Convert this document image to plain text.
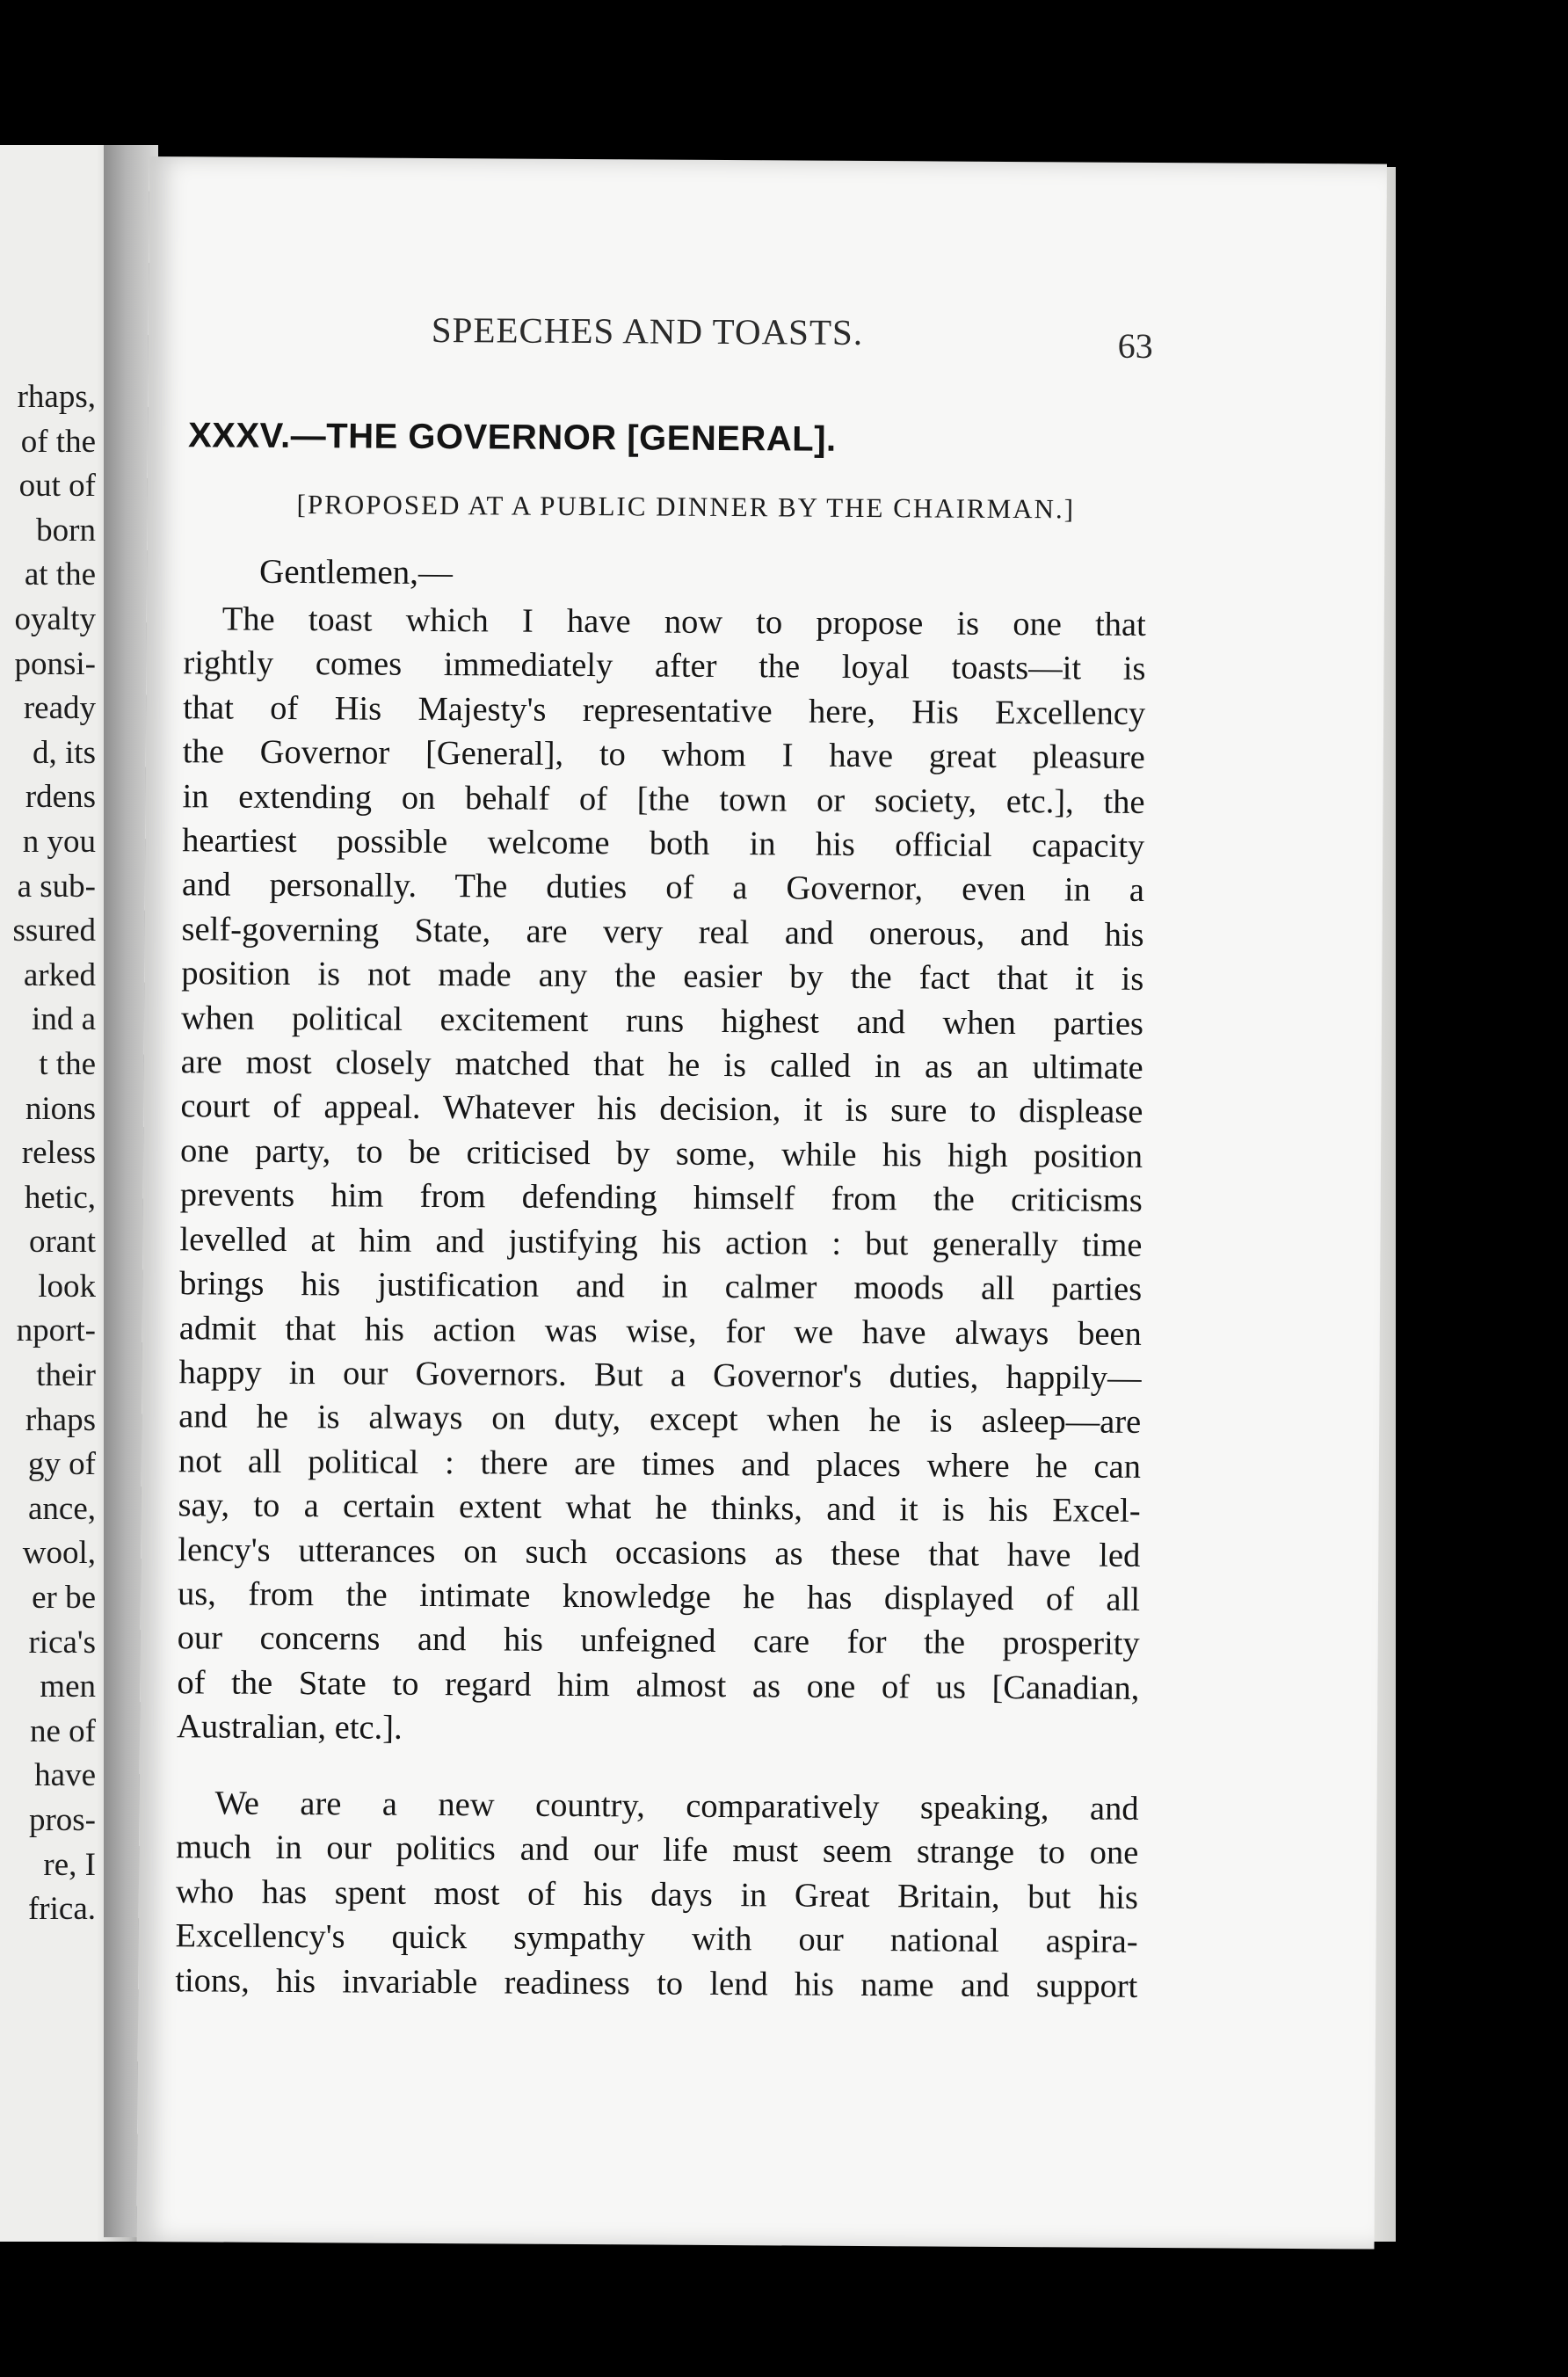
rhaps,
of the
out of
born
at the
oyalty
ponsi-
ready
d, its
rdens
n you
a sub-
ssured
arked
ind a
t the
nions
reless
hetic,
orant
look
nport-
their
rhaps
gy of
ance,
wool,
er be
rica's
men
ne of
have
pros-
re, I
frica.
SPEECHES AND TOASTS.	63
XXXV.—THE GOVERNOR [GENERAL].
[PROPOSED AT A PUBLIC DINNER BY THE CHAIRMAN.]
Gentlemen,—
The toast which I have now to propose is one that
rightly comes immediately after the loyal toasts—it is
that of His Majesty's representative here, His Excellency
the Governor [General], to whom I have great pleasure
in extending on behalf of [the town or society, etc.], the
heartiest possible welcome both in his official capacity
and personally. The duties of a Governor, even in a
self-governing State, are very real and onerous, and his
position is not made any the easier by the fact that it is
when political excitement runs highest and when parties
are most closely matched that he is called in as an ultimate
court of appeal. Whatever his decision, it is sure to displease
one party, to be criticised by some, while his high position
prevents him from defending himself from the criticisms
levelled at him and justifying his action : but generally time
brings his justification and in calmer moods all parties
admit that his action was wise, for we have always been
happy in our Governors. But a Governor's duties, happily—
and he is always on duty, except when he is asleep—are
not all political : there are times and places where he can
say, to a certain extent what he thinks, and it is his Excel-
lency's utterances on such occasions as these that have led
us, from the intimate knowledge he has displayed of all
our concerns and his unfeigned care for the prosperity
of the State to regard him almost as one of us [Canadian,
Australian, etc.].
We are a new country, comparatively speaking, and
much in our politics and our life must seem strange to one
who has spent most of his days in Great Britain, but his
Excellency's quick sympathy with our national aspira-
tions, his invariable readiness to lend his name and support
